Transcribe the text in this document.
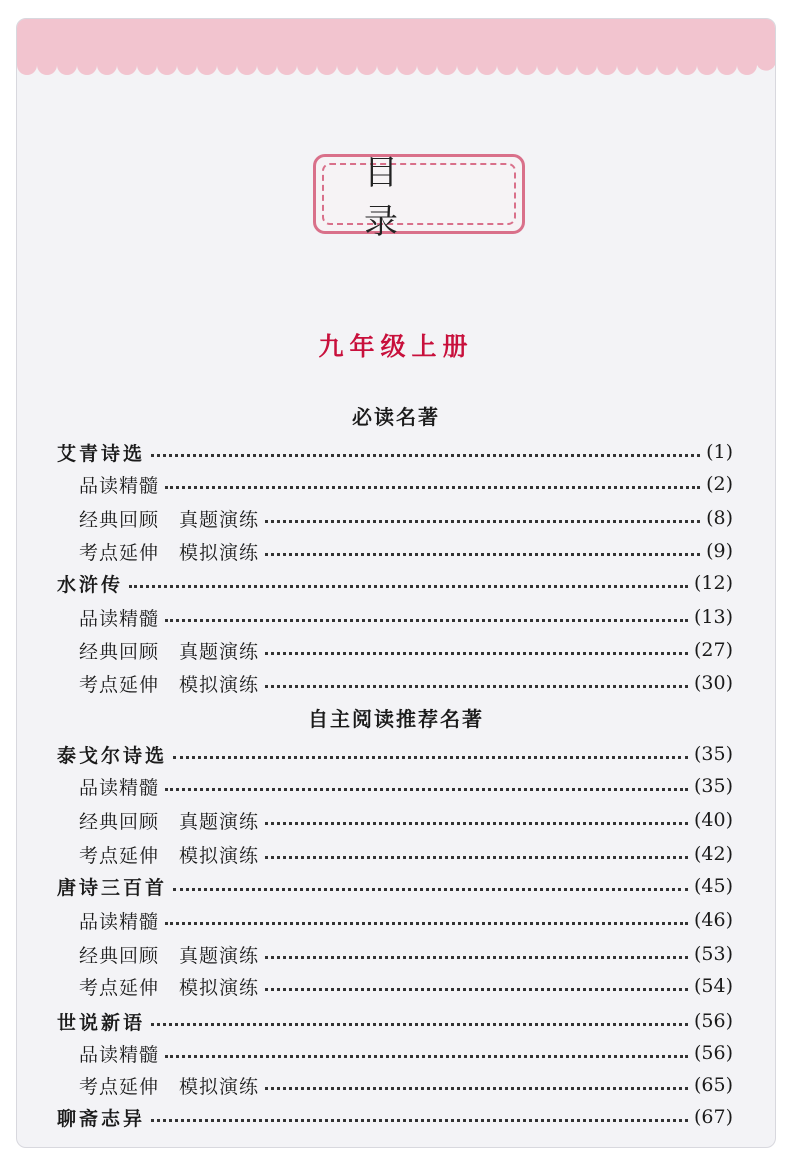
目 录
九年级上册
必读名著
艾青诗选	(1)
品读精髓	(2)
经典回顾　真题演练	(8)
考点延伸　模拟演练	(9)
水浒传	(12)
品读精髓	(13)
经典回顾　真题演练	(27)
考点延伸　模拟演练	(30)
自主阅读推荐名著
泰戈尔诗选	(35)
品读精髓	(35)
经典回顾　真题演练	(40)
考点延伸　模拟演练	(42)
唐诗三百首	(45)
品读精髓	(46)
经典回顾　真题演练	(53)
考点延伸　模拟演练	(54)
世说新语	(56)
品读精髓	(56)
考点延伸　模拟演练	(65)
聊斋志异	(67)
